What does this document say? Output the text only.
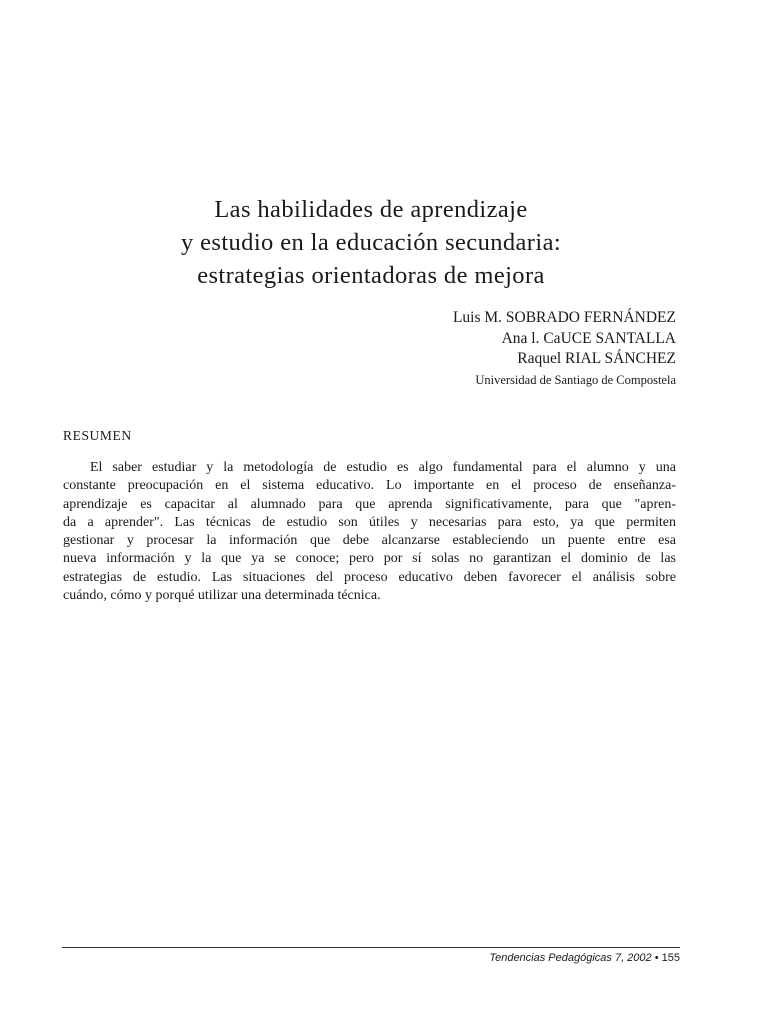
Las habilidades de aprendizaje
y estudio en la educación secundaria:
estrategias orientadoras de mejora
Luis M. SOBRADO FERNÁNDEZ
Ana l. CaUCE SANTALLA
Raquel RIAL SÁNCHEZ
Universidad de Santiago de Compostela
RESUMEN
El saber estudiar y la metodología de estudio es algo fundamental para el alumno y una
constante preocupación en el sistema educativo. Lo importante en el proceso de enseñanza-
aprendizaje es capacitar al alumnado para que aprenda significativamente, para que "apren-
da a aprender". Las técnicas de estudio son útiles y necesarias para esto, ya que permiten
gestionar y procesar la información que debe alcanzarse estableciendo un puente entre esa
nueva información y la que ya se conoce; pero por sí solas no garantizan el dominio de las
estrategias de estudio. Las situaciones del proceso educativo deben favorecer el análisis sobre
cuándo, cómo y porqué utilizar una determinada técnica.
Tendencias Pedagógicas 7, 2002 • 155
